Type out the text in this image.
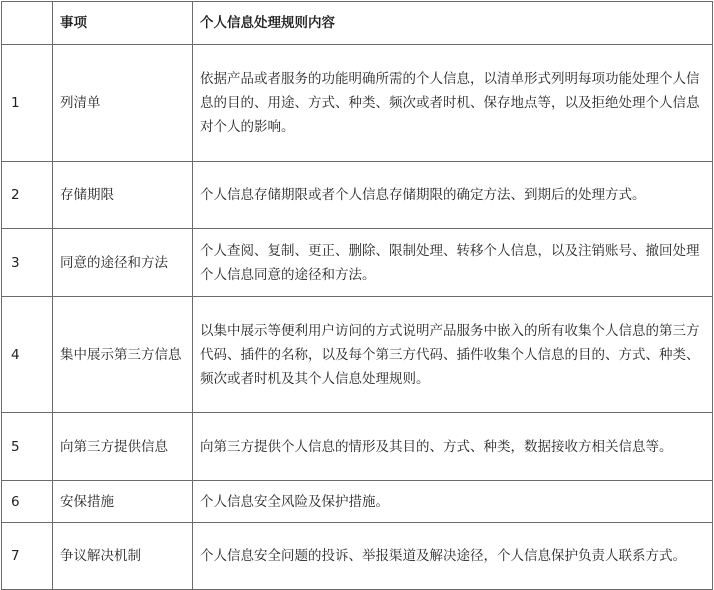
	事项	个人信息处理规则内容
1	列清单	依据产品或者服务的功能明确所需的个人信息，以清单形式列明每项功能处理个人信息的目的、用途、方式、种类、频次或者时机、保存地点等，以及拒绝处理个人信息对个人的影响。
2	存储期限	个人信息存储期限或者个人信息存储期限的确定方法、到期后的处理方式。
3	同意的途径和方法	个人查阅、复制、更正、删除、限制处理、转移个人信息，以及注销账号、撤回处理个人信息同意的途径和方法。
4	集中展示第三方信息	以集中展示等便利用户访问的方式说明产品服务中嵌入的所有收集个人信息的第三方代码、插件的名称，以及每个第三方代码、插件收集个人信息的目的、方式、种类、频次或者时机及其个人信息处理规则。
5	向第三方提供信息	向第三方提供个人信息的情形及其目的、方式、种类，数据接收方相关信息等。
6	安保措施	个人信息安全风险及保护措施。
7	争议解决机制	个人信息安全问题的投诉、举报渠道及解决途径，个人信息保护负责人联系方式。
